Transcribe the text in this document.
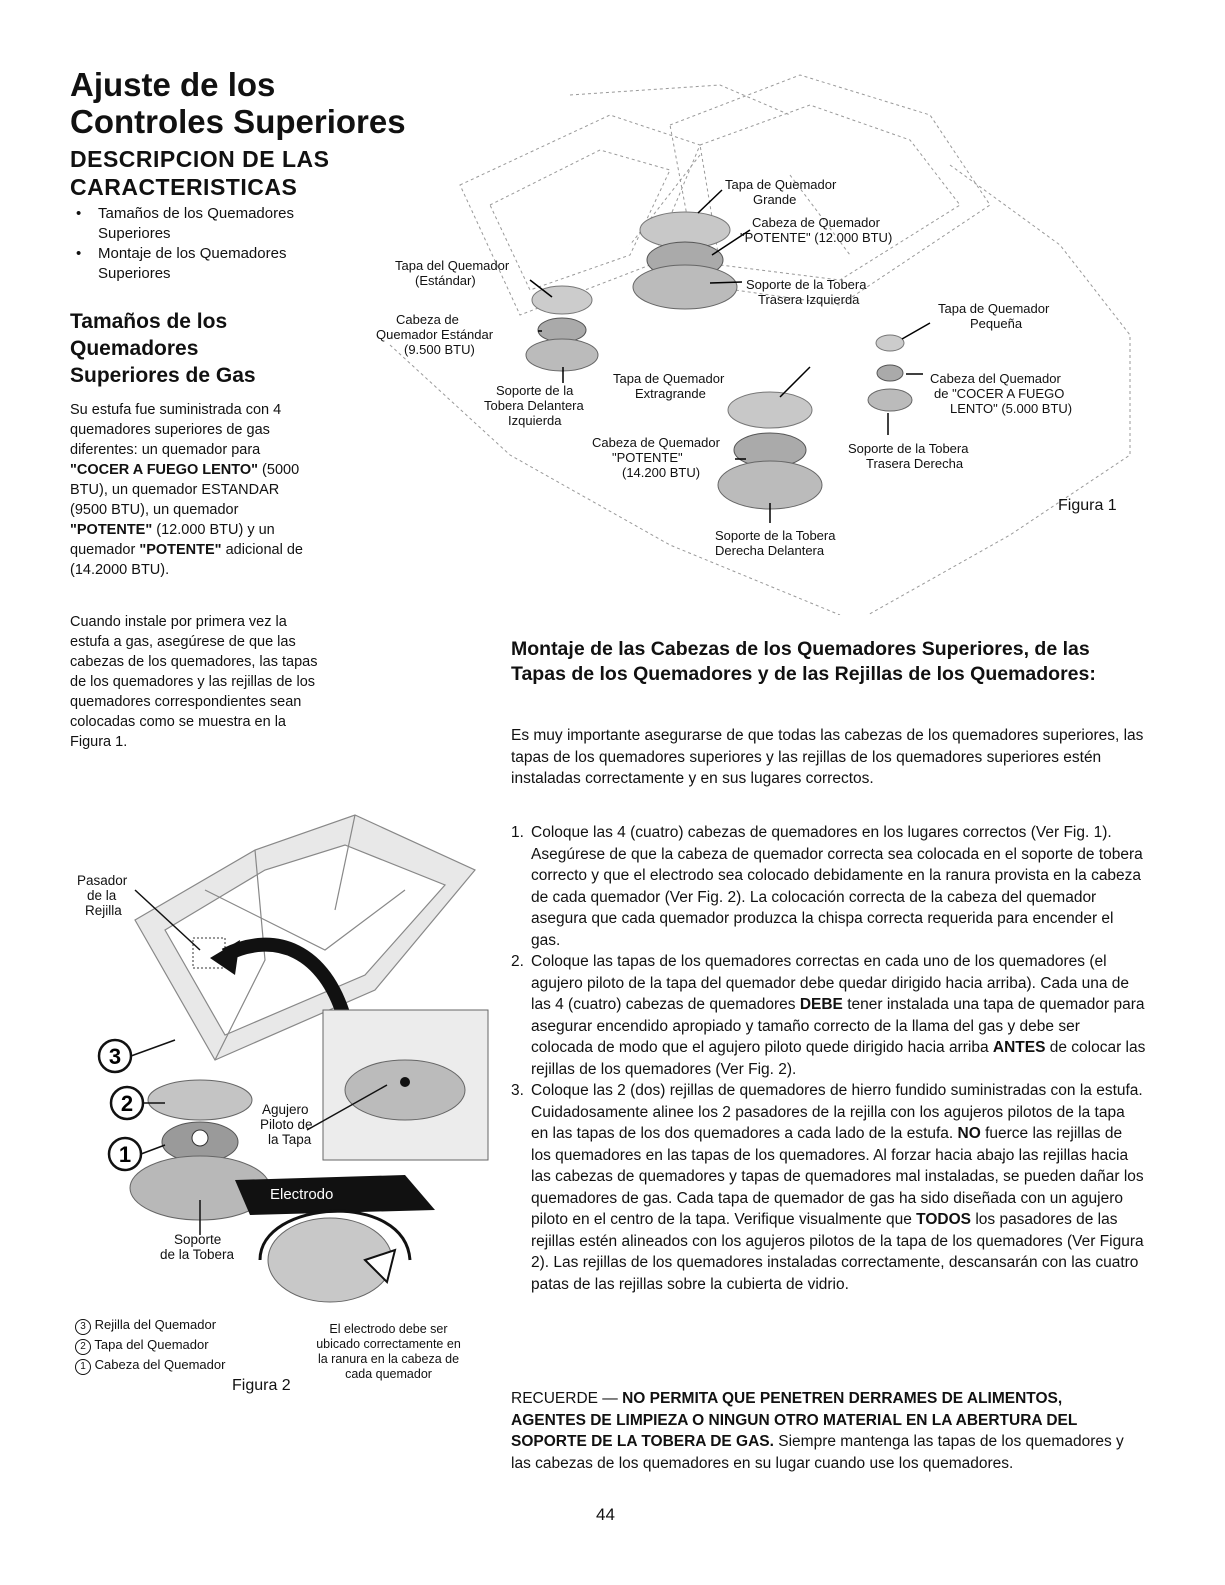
Ajuste de los
Controles Superiores
DESCRIPCION DE LAS
CARACTERISTICAS
• Tamaños de los Quemadores Superiores
• Montaje de los Quemadores Superiores
Tamaños de los
Quemadores
Superiores de Gas
Su estufa fue suministrada con 4 quemadores superiores de gas diferentes: un quemador para "COCER A FUEGO LENTO" (5000 BTU), un quemador ESTANDAR (9500 BTU), un quemador "POTENTE" (12.000 BTU) y un quemador "POTENTE" adicional de (14.2000 BTU).
Cuando instale por primera vez la estufa a gas, asegúrese de que las cabezas de los quemadores, las tapas de los quemadores y las rejillas de los quemadores correspondientes sean colocadas como se muestra en la Figura 1.
Tapa de Quemador
Grande
Cabeza de Quemador
"POTENTE" (12.000 BTU)
Tapa del Quemador
(Estándar)	Soporte de la Tobera
Trasera Izquierda
Tapa de Quemador
Pequeña
Cabeza de
Quemador Estándar
(9.500 BTU)
Soporte de la
Tobera Delantera
Izquierda
Tapa de Quemador
Extragrande
Cabeza del Quemador
de "COCER A FUEGO
LENTO" (5.000 BTU)
Cabeza de Quemador
"POTENTE"
(14.200 BTU)
Soporte de la Tobera
Trasera Derecha
Soporte de la Tobera
Derecha Delantera
Figura 1
3
2
1
Pasador
de la
Rejilla
Agujero
Piloto de
la Tapa
Electrodo
Soporte
de la Tobera
El electrodo debe ser
ubicado correctamente en
la ranura en la cabeza de
cada quemador
3 Rejilla del Quemador
2 Tapa del Quemador
1 Cabeza del Quemador
Figura 2
Montaje de las Cabezas de los Quemadores Superiores, de las Tapas de los Quemadores y de las Rejillas de los Quemadores:
Es muy importante asegurarse de que todas las cabezas de los quemadores superiores, las tapas de los quemadores superiores y las rejillas de los quemadores superiores estén instaladas correctamente y en sus lugares correctos.
1. Coloque las 4 (cuatro) cabezas de quemadores en los lugares correctos (Ver Fig. 1). Asegúrese de que la cabeza de quemador correcta sea colocada en el soporte de tobera correcto y que el electrodo sea colocado debidamente en la ranura provista en la cabeza de cada quemador (Ver Fig. 2). La colocación correcta de la cabeza del quemador asegura que cada quemador produzca la chispa correcta requerida para encender el gas.
2. Coloque las tapas de los quemadores correctas en cada uno de los quemadores (el agujero piloto de la tapa del quemador debe quedar dirigido hacia arriba). Cada una de las 4 (cuatro) cabezas de quemadores DEBE tener instalada una tapa de quemador para asegurar encendido apropiado y tamaño correcto de la llama del gas y debe ser colocada de modo que el agujero piloto quede dirigido hacia arriba ANTES de colocar las rejillas de los quemadores (Ver Fig. 2).
3. Coloque las 2 (dos) rejillas de quemadores de hierro fundido suministradas con la estufa. Cuidadosamente alinee los 2 pasadores de la rejilla con los agujeros pilotos de la tapa en las tapas de los dos quemadores a cada lado de la estufa. NO fuerce las rejillas de los quemadores en las tapas de los quemadores. Al forzar hacia abajo las rejillas hacia las cabezas de quemadores y tapas de quemadores mal instaladas, se pueden dañar los quemadores de gas. Cada tapa de quemador de gas ha sido diseñada con un agujero piloto en el centro de la tapa. Verifique visualmente que TODOS los pasadores de las rejillas estén alineados con los agujeros pilotos de la tapa de los quemadores (Ver Figura 2). Las rejillas de los quemadores instaladas correctamente, descansarán con las cuatro patas de las rejillas sobre la cubierta de vidrio.
RECUERDE — NO PERMITA QUE PENETREN DERRAMES DE ALIMENTOS, AGENTES DE LIMPIEZA O NINGUN OTRO MATERIAL EN LA ABERTURA DEL SOPORTE DE LA TOBERA DE GAS. Siempre mantenga las tapas de los quemadores y las cabezas de los quemadores en su lugar cuando use los quemadores.
44
